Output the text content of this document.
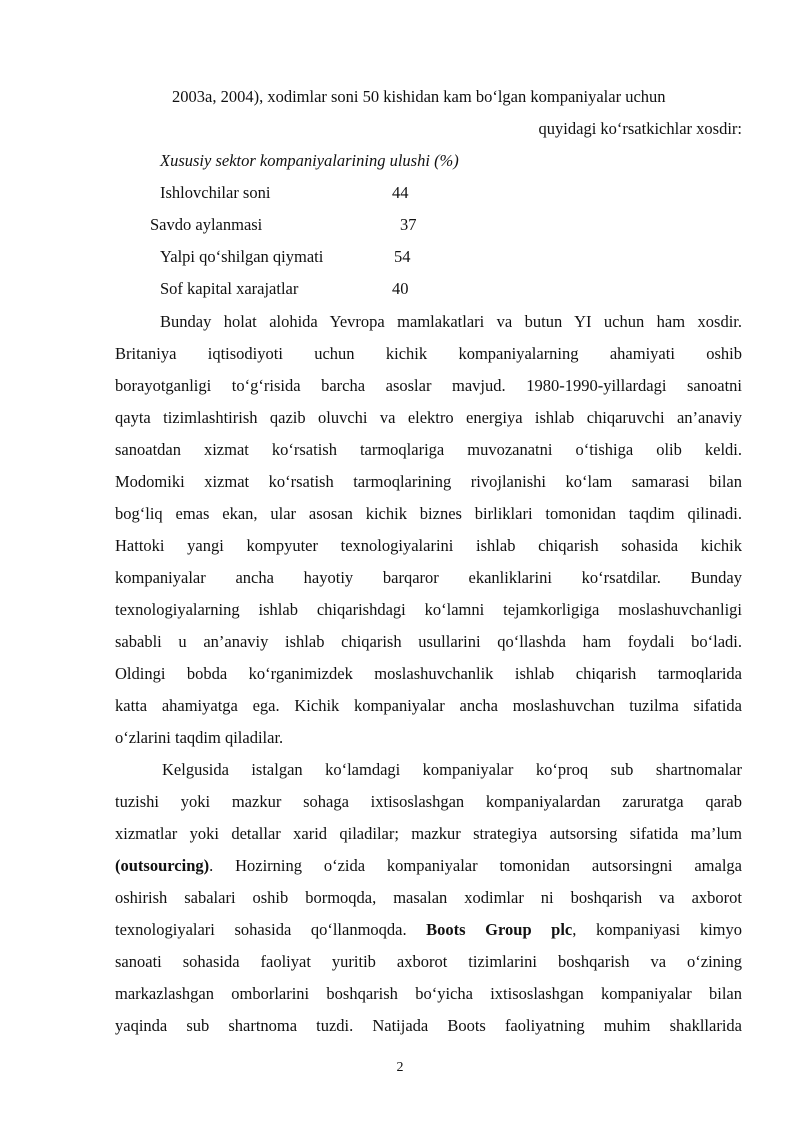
2003a, 2004), xodimlar soni 50 kishidan kam bo‘lgan kompaniyalar uchun
quyidagi ko‘rsatkichlar xosdir:
Xususiy sektor kompaniyalarining ulushi (%)
Ishlovchilar soni	44
Savdo aylanmasi	37
Yalpi qo‘shilgan qiymati	54
Sof kapital xarajatlar	40
Bunday holat alohida Yevropa mamlakatlari va butun YI uchun ham xosdir.
Britaniya iqtisodiyoti uchun kichik kompaniyalarning ahamiyati oshib
borayotganligi to‘g‘risida barcha asoslar mavjud. 1980-1990-yillardagi sanoatni
qayta tizimlashtirish qazib oluvchi va elektro energiya ishlab chiqaruvchi an’anaviy
sanoatdan xizmat ko‘rsatish tarmoqlariga muvozanatni o‘tishiga olib keldi.
Modomiki xizmat ko‘rsatish tarmoqlarining rivojlanishi ko‘lam samarasi bilan
bog‘liq emas ekan, ular asosan kichik biznes birliklari tomonidan taqdim qilinadi.
Hattoki yangi kompyuter texnologiyalarini ishlab chiqarish sohasida kichik
kompaniyalar ancha hayotiy barqaror ekanliklarini ko‘rsatdilar. Bunday
texnologiyalarning ishlab chiqarishdagi ko‘lamni tejamkorligiga moslashuvchanligi
sababli u an’anaviy ishlab chiqarish usullarini qo‘llashda ham foydali bo‘ladi.
Oldingi bobda ko‘rganimizdek moslashuvchanlik ishlab chiqarish tarmoqlarida
katta ahamiyatga ega. Kichik kompaniyalar ancha moslashuvchan tuzilma sifatida
o‘zlarini taqdim qiladilar.
Kelgusida istalgan ko‘lamdagi kompaniyalar ko‘proq sub shartnomalar
tuzishi yoki mazkur sohaga ixtisoslashgan kompaniyalardan zaruratga qarab
xizmatlar yoki detallar xarid qiladilar; mazkur strategiya autsorsing sifatida ma’lum
(outsourcing). Hozirning o‘zida kompaniyalar tomonidan autsorsingni amalga
oshirish sabalari oshib bormoqda, masalan xodimlar ni boshqarish va axborot
texnologiyalari sohasida qo‘llanmoqda. Boots Group plc, kompaniyasi kimyo
sanoati sohasida faoliyat yuritib axborot tizimlarini boshqarish va o‘zining
markazlashgan omborlarini boshqarish bo‘yicha ixtisoslashgan kompaniyalar bilan
yaqinda sub shartnoma tuzdi. Natijada Boots faoliyatning muhim shakllarida
2
